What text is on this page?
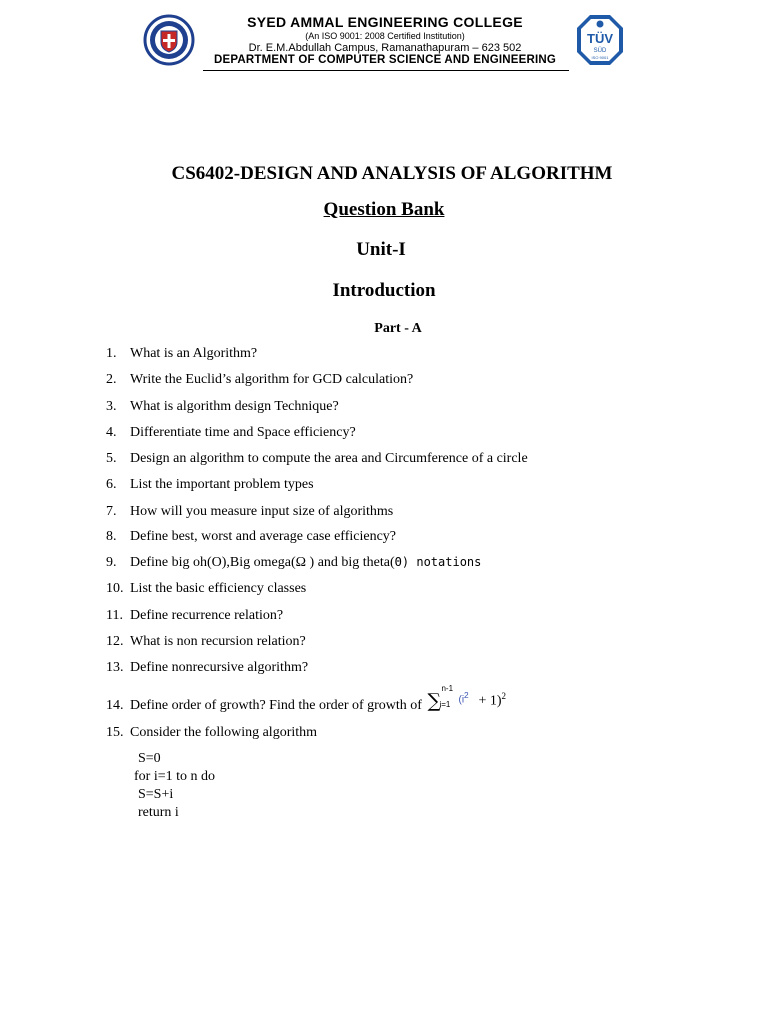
SYED AMMAL ENGINEERING COLLEGE
(An ISO 9001: 2008 Certified Institution)
Dr. E.M.Abdullah Campus, Ramanathapuram – 623 502
DEPARTMENT OF COMPUTER SCIENCE AND ENGINEERING
TÜV
SÜD
ISO 9001
CS6402-DESIGN AND ANALYSIS OF ALGORITHM
Question Bank
Unit-I
Introduction
Part - A
1. What is an Algorithm?
2. Write the Euclid’s algorithm for GCD calculation?
3. What is algorithm design Technique?
4. Differentiate time and Space efficiency?
5. Design an algorithm to compute the area and Circumference of a circle
6. List the important problem types
7. How will you measure input size of algorithms
8. Define best, worst and average case efficiency?
9. Define big oh(O),Big omega(Ω ) and big theta(Θ) notations
10. List the basic efficiency classes
11. Define recurrence relation?
12. What is non recursion relation?
13. Define nonrecursive algorithm?
14. Define order of growth? Find the order of growth of ∑
n-1
i=1 $(i^2 + 1)^2$
15. Consider the following algorithm
S=0
for i=1 to n do
S=S+i
return i
